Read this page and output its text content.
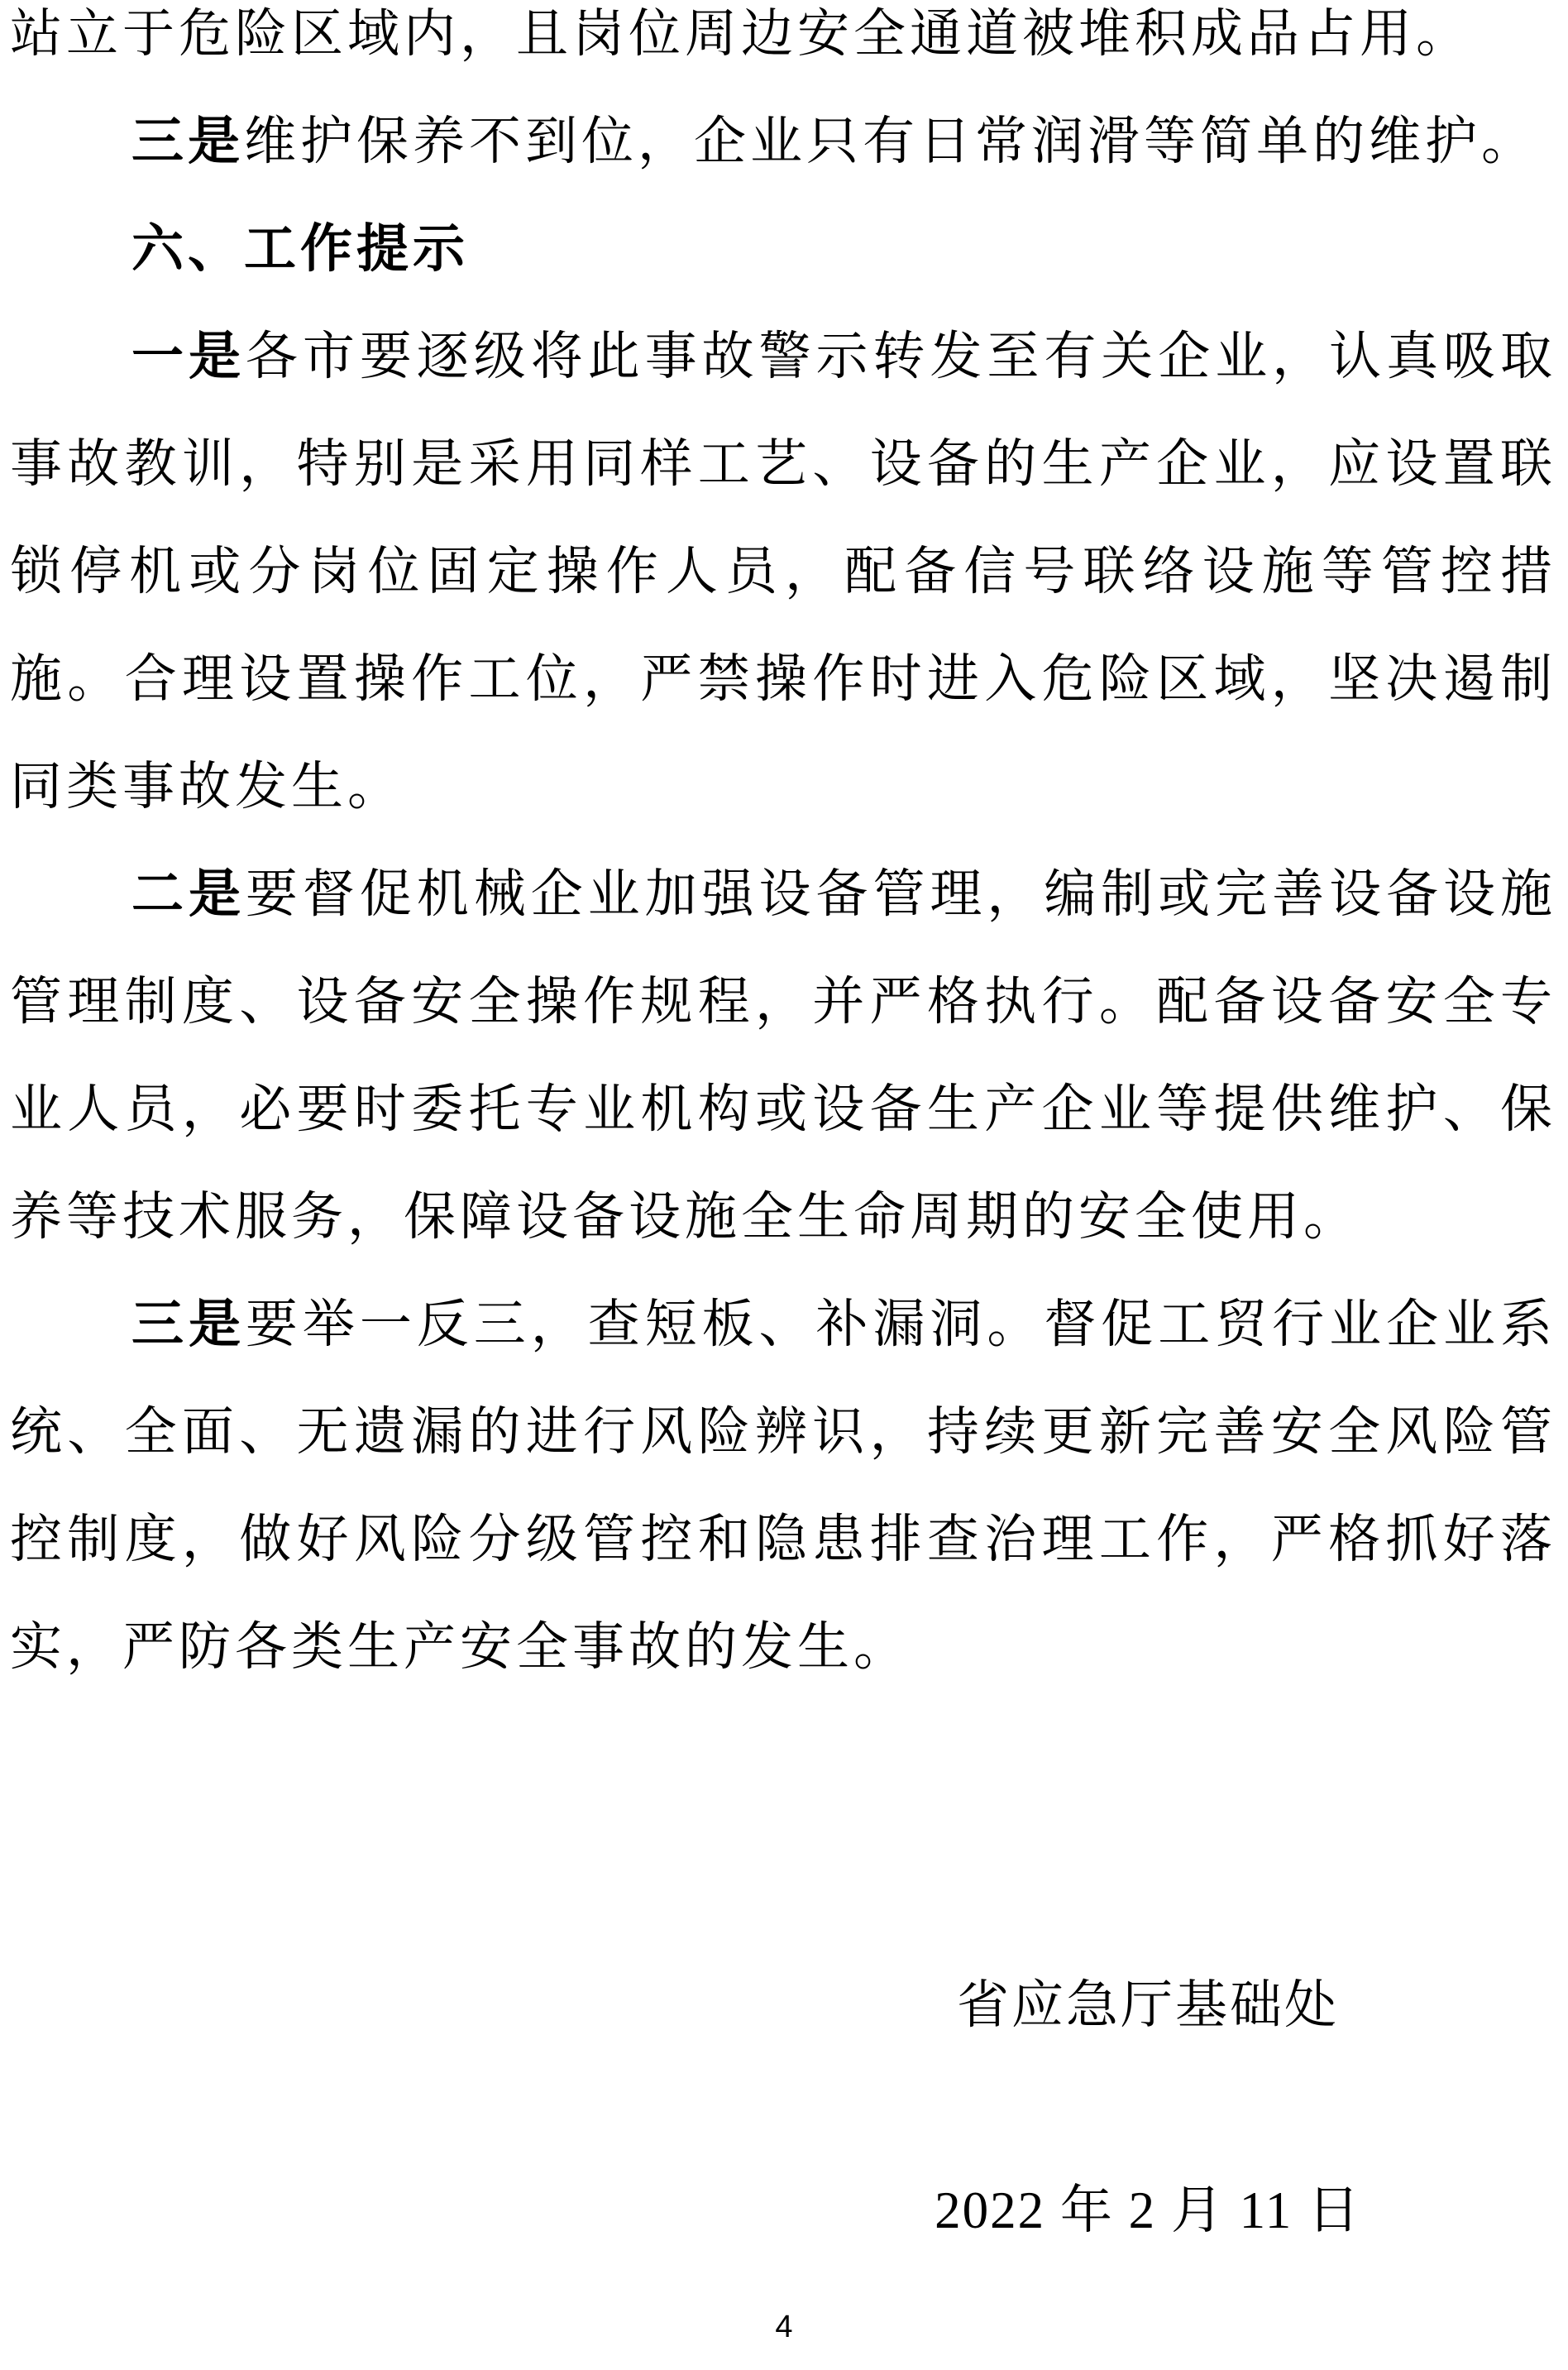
站立于危险区域内，且岗位周边安全通道被堆积成品占用。

三是维护保养不到位，企业只有日常润滑等简单的维护。

六、工作提示

一是各市要逐级将此事故警示转发至有关企业，认真吸取事故教训，特别是采用同样工艺、设备的生产企业，应设置联锁停机或分岗位固定操作人员，配备信号联络设施等管控措施。合理设置操作工位，严禁操作时进入危险区域，坚决遏制同类事故发生。

二是要督促机械企业加强设备管理，编制或完善设备设施管理制度、设备安全操作规程，并严格执行。配备设备安全专业人员，必要时委托专业机构或设备生产企业等提供维护、保养等技术服务，保障设备设施全生命周期的安全使用。

三是要举一反三，查短板、补漏洞。督促工贸行业企业系统、全面、无遗漏的进行风险辨识，持续更新完善安全风险管控制度，做好风险分级管控和隐患排查治理工作，严格抓好落实，严防各类生产安全事故的发生。

省应急厅基础处
2022 年 2 月 11 日
4
